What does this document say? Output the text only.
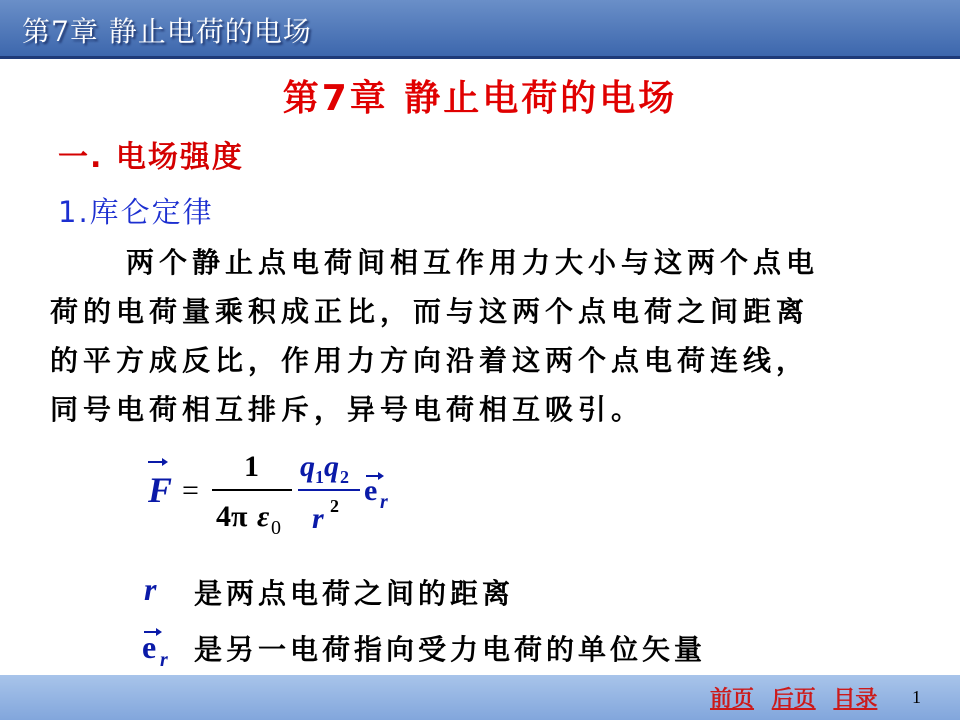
第7章 静止电荷的电场
第7章 静止电荷的电场
一. 电场强度
1.库仑定律

两个静止点电荷间相互作用力大小与这两个点电

荷的电荷量乘积成正比，而与这两个点电荷之间距离

的平方成反比，作用力方向沿着这两个点电荷连线，

同号电荷相互排斥，异号电荷相互吸引。

F =
1
4π ε 0
q 1 q 2
r 2 e r
r 是两点电荷之间的距离
e r 是另一电荷指向受力电荷的单位矢量
前页 后页 目录	1
